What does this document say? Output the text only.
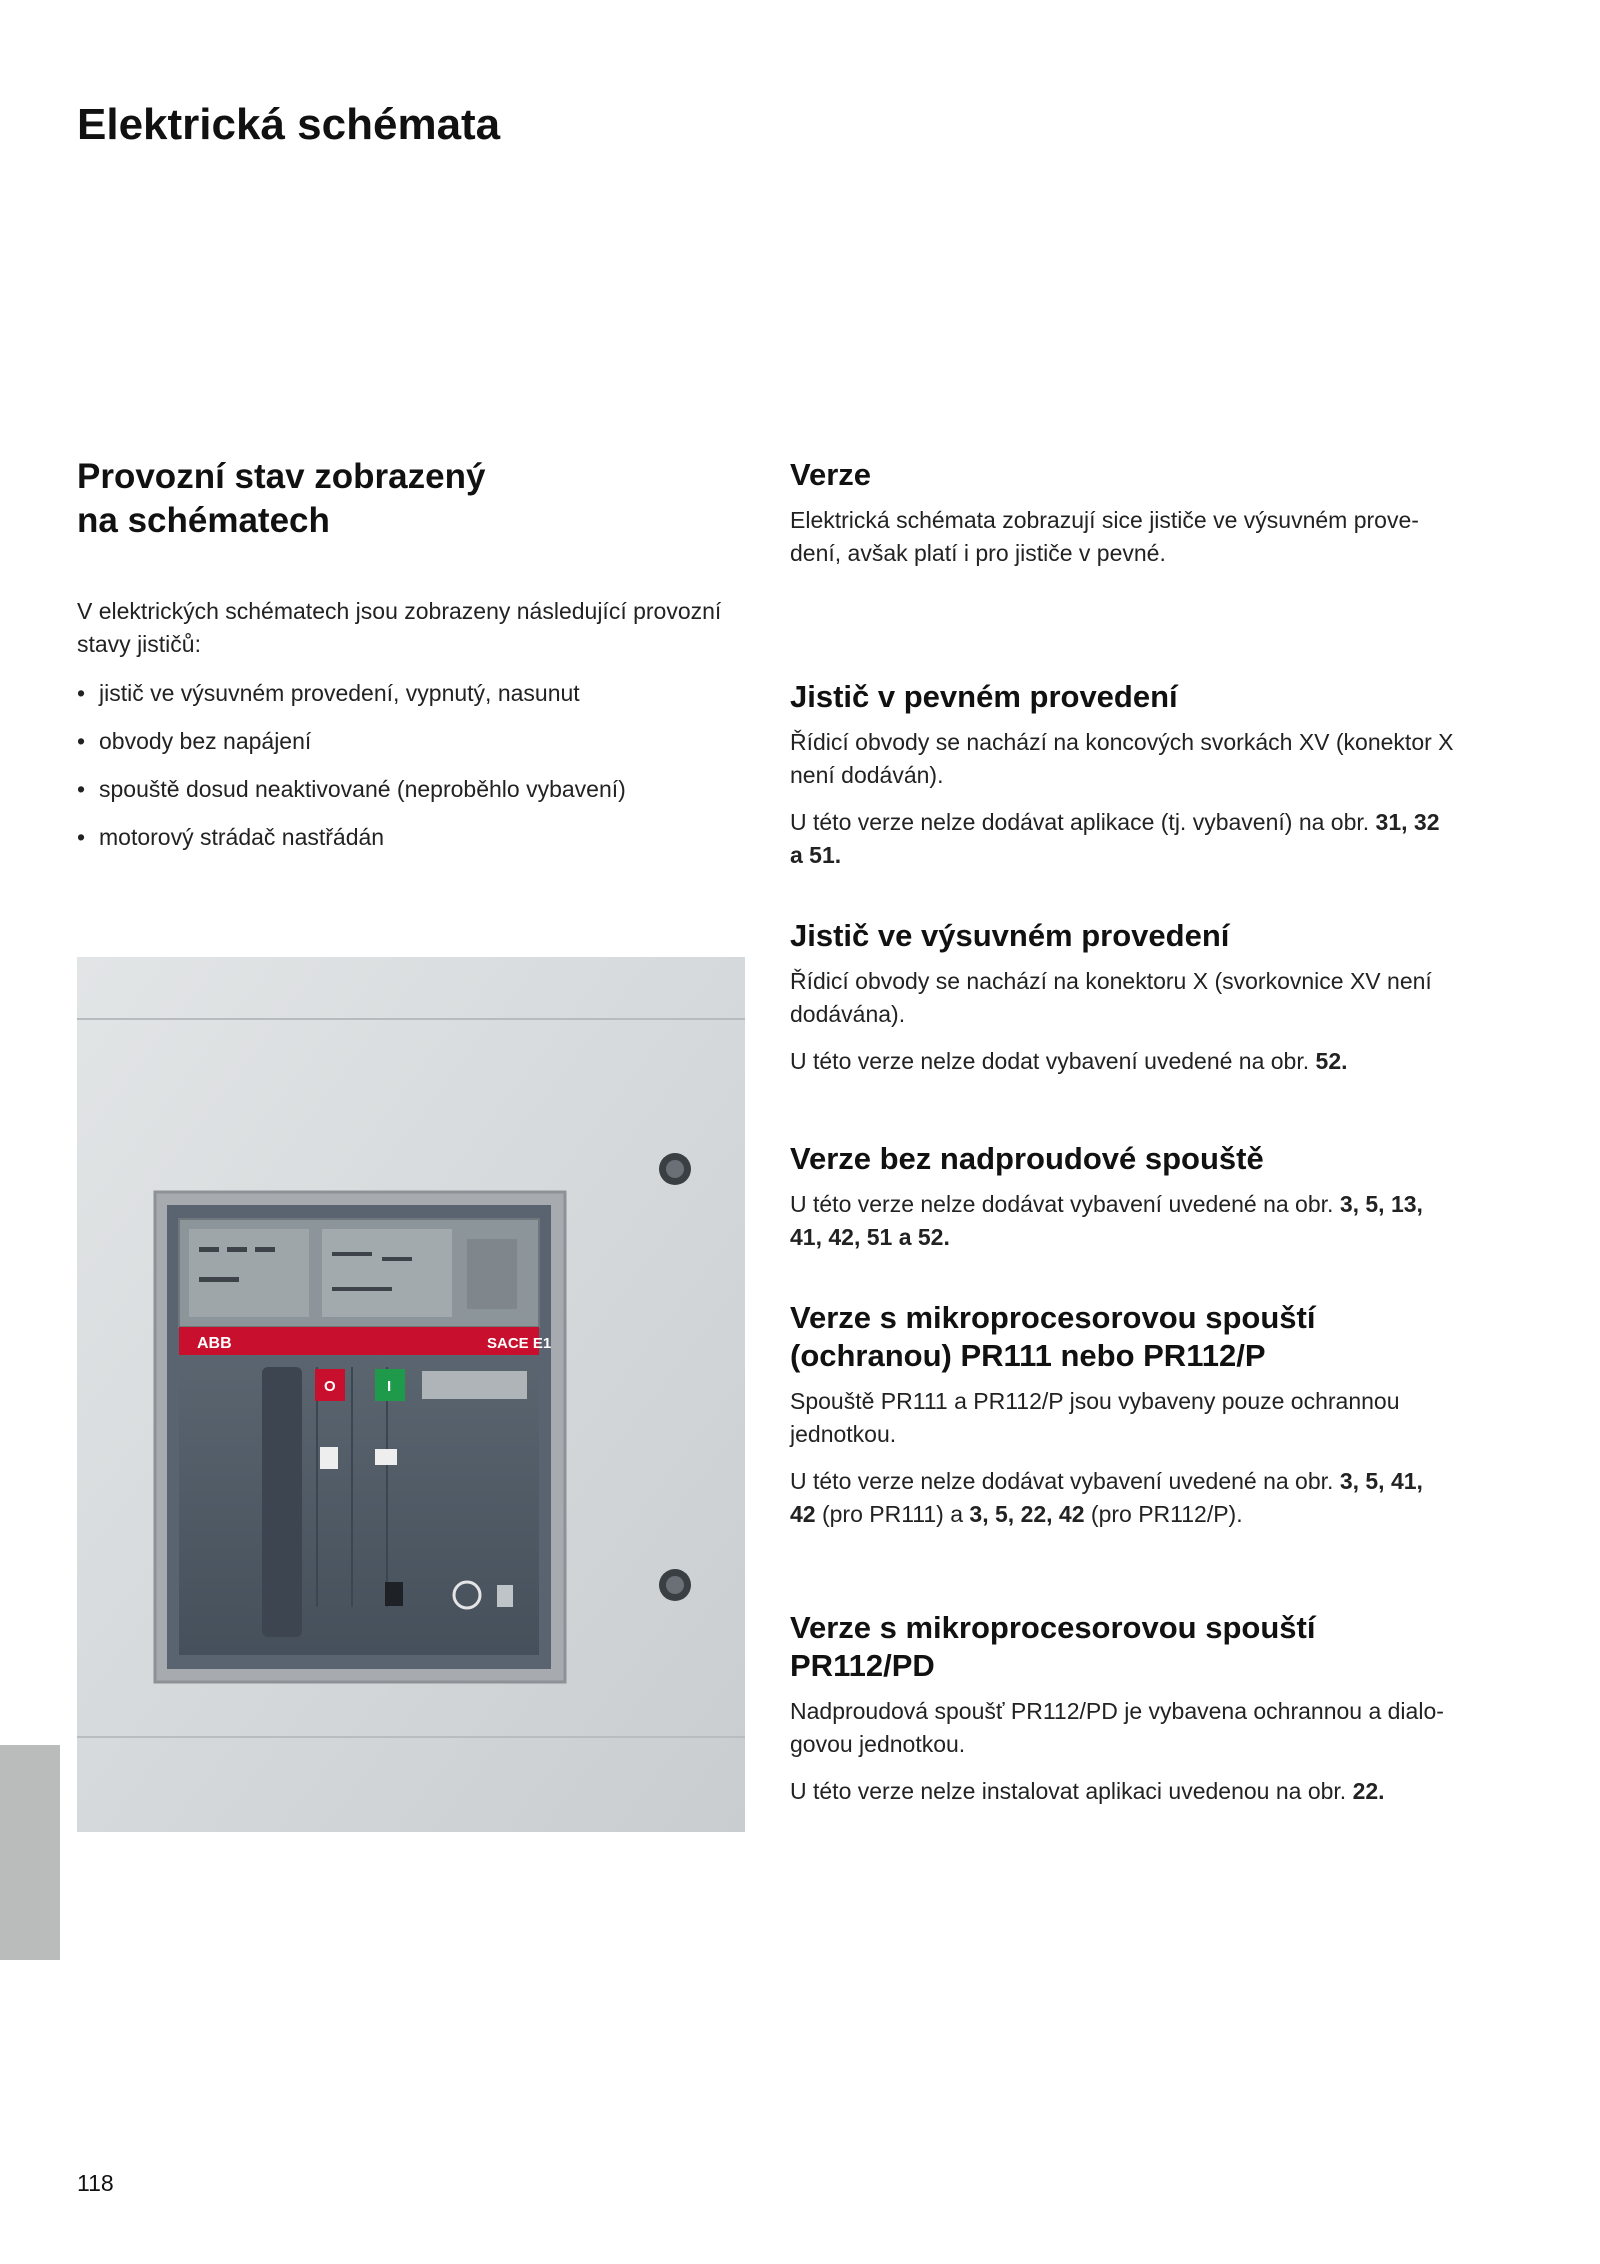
Elektrická schémata
Provozní stav zobrazený
na schématech

V elektrických schématech jsou zobrazeny následující provozní
stavy jističů:

• jistič ve výsuvném provedení, vypnutý, nasunut
• obvody bez napájení
• spouště dosud neaktivované (neproběhlo vybavení)
• motorový strádač nastřádán
ABB	SACE E1
O	I
Verze

Elektrická schémata zobrazují sice jističe ve výsuvném prove-
dení, avšak platí i pro jističe v pevné.

Jistič v pevném provedení

Řídicí obvody se nachází na koncových svorkách XV (konektor X
není dodáván).

U této verze nelze dodávat aplikace (tj. vybavení) na obr. 31, 32
a 51.

Jistič ve výsuvném provedení

Řídicí obvody se nachází na konektoru X (svorkovnice XV není
dodávána).

U této verze nelze dodat vybavení uvedené na obr. 52.

Verze bez nadproudové spouště

U této verze nelze dodávat vybavení uvedené na obr. 3, 5, 13,
41, 42, 51 a 52.

Verze s mikroprocesorovou spouští
(ochranou) PR111 nebo PR112/P

Spouště PR111 a PR112/P jsou vybaveny pouze ochrannou
jednotkou.

U této verze nelze dodávat vybavení uvedené na obr. 3, 5, 41,
42 (pro PR111) a 3, 5, 22, 42 (pro PR112/P).

Verze s mikroprocesorovou spouští
PR112/PD

Nadproudová spoušť PR112/PD je vybavena ochrannou a dialo-
govou jednotkou.

U této verze nelze instalovat aplikaci uvedenou na obr. 22.

118
